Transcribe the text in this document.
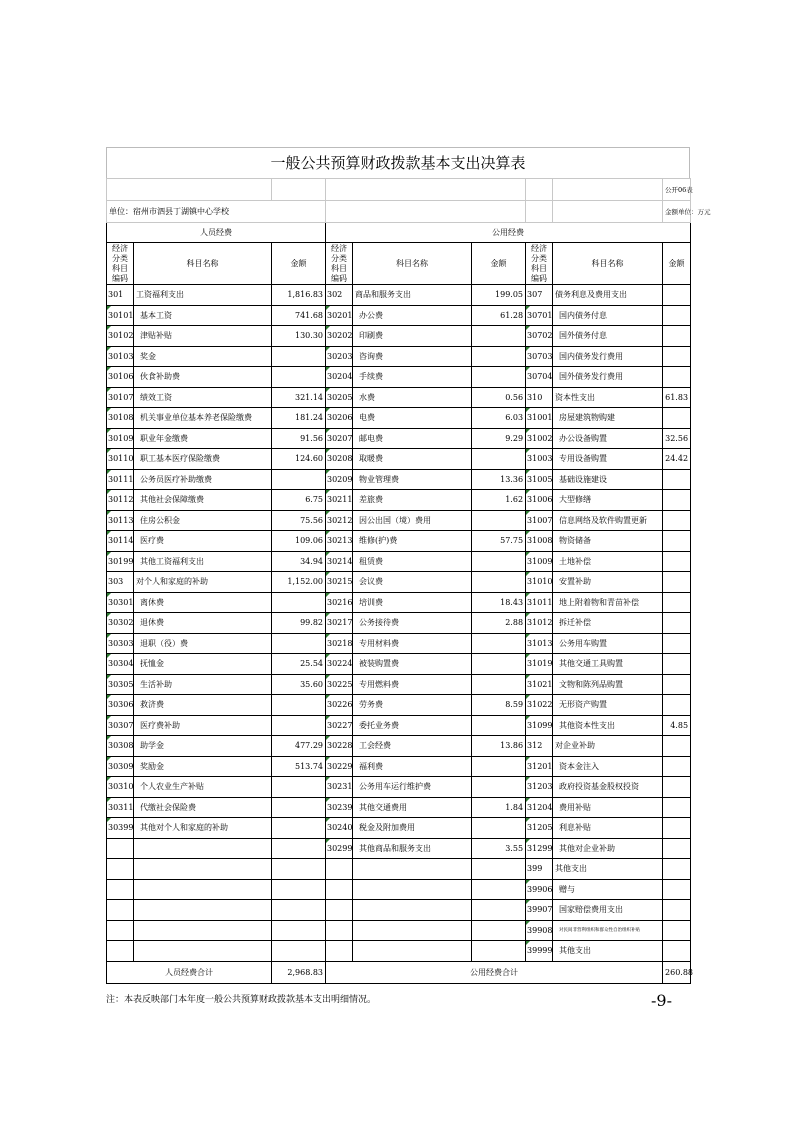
一般公共预算财政拨款基本支出决算表
								公开06表
单位：宿州市泗县丁湖镇中心学校								金额单位：万元
人员经费			公用经费					
经济分类科目编码	科目名称	金额	经济分类科目编码	科目名称	金额	经济分类科目编码	科目名称	金额
301	工资福利支出	1,816.83	302	商品和服务支出	199.05	307	债务利息及费用支出	
30101	基本工资	741.68	30201	办公费	61.28	30701	国内债务付息	
30102	津贴补贴	130.30	30202	印刷费		30702	国外债务付息	
30103	奖金		30203	咨询费		30703	国内债务发行费用	
30106	伙食补助费		30204	手续费		30704	国外债务发行费用	
30107	绩效工资	321.14	30205	水费	0.56	310	资本性支出	61.83
30108	机关事业单位基本养老保险缴费	181.24	30206	电费	6.03	31001	房屋建筑物购建	
30109	职业年金缴费	91.56	30207	邮电费	9.29	31002	办公设备购置	32.56
30110	职工基本医疗保险缴费	124.60	30208	取暖费		31003	专用设备购置	24.42
30111	公务员医疗补助缴费		30209	物业管理费	13.36	31005	基础设施建设	
30112	其他社会保障缴费	6.75	30211	差旅费	1.62	31006	大型修缮	
30113	住房公积金	75.56	30212	因公出国（境）费用		31007	信息网络及软件购置更新	
30114	医疗费	109.06	30213	维修(护)费	57.75	31008	物资储备	
30199	其他工资福利支出	34.94	30214	租赁费		31009	土地补偿	
303	对个人和家庭的补助	1,152.00	30215	会议费		31010	安置补助	
30301	离休费		30216	培训费	18.43	31011	地上附着物和青苗补偿	
30302	退休费	99.82	30217	公务接待费	2.88	31012	拆迁补偿	
30303	退职（役）费		30218	专用材料费		31013	公务用车购置	
30304	抚恤金	25.54	30224	被装购置费		31019	其他交通工具购置	
30305	生活补助	35.60	30225	专用燃料费		31021	文物和陈列品购置	
30306	救济费		30226	劳务费	8.59	31022	无形资产购置	
30307	医疗费补助		30227	委托业务费		31099	其他资本性支出	4.85
30308	助学金	477.29	30228	工会经费	13.86	312	对企业补助	
30309	奖励金	513.74	30229	福利费		31201	资本金注入	
30310	个人农业生产补贴		30231	公务用车运行维护费		31203	政府投资基金股权投资	
30311	代缴社会保险费		30239	其他交通费用	1.84	31204	费用补贴	
30399	其他对个人和家庭的补助		30240	税金及附加费用		31205	利息补贴	
			30299	其他商品和服务支出	3.55	31299	其他对企业补助	
						399	其他支出	
						39906	赠与	
						39907	国家赔偿费用支出	
						39908	对民间非营利组织和群众性自治组织补贴	
						39999	其他支出	
人员经费合计		2,968.83	公用经费合计					260.88
注：本表反映部门本年度一般公共预算财政拨款基本支出明细情况。	-9-
